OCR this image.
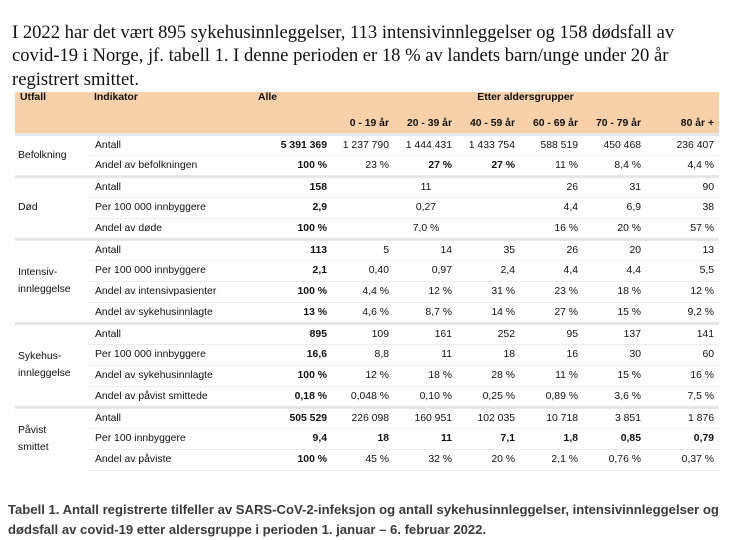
I 2022 har det vært 895 sykehusinnleggelser, 113 intensivinnleggelser og 158 dødsfall av covid-19 i Norge, jf. tabell 1. I denne perioden er 18 % av landets barn/unge under 20 år registrert smittet.

Utfall	Indikator	Alle	Etter aldersgrupper					
			0 - 19 år	20 - 39 år	40 - 59 år	60 - 69 år	70 - 79 år	80 år +
Befolkning	Antall	5 391 369	1 237 790	1 444 431	1 433 754	588 519	450 468	236 407
	Andel av befolkningen	100 %	23 %	27 %	27 %	11 %	8,4 %	4,4 %
Død	Antall	158	11			26	31	90
	Per 100 000 innbyggere	2,9	0,27			4,4	6,9	38
	Andel av døde	100 %	7,0 %			16 %	20 %	57 %
Intensiv-
innleggelse	Antall	113	5	14	35	26	20	13
	Per 100 000 innbyggere	2,1	0,40	0,97	2,4	4,4	4,4	5,5
	Andel av intensivpasienter	100 %	4,4 %	12 %	31 %	23 %	18 %	12 %
	Andel av sykehusinnlagte	13 %	4,6 %	8,7 %	14 %	27 %	15 %	9,2 %
Sykehus-
innleggelse	Antall	895	109	161	252	95	137	141
	Per 100 000 innbyggere	16,6	8,8	11	18	16	30	60
	Andel av sykehusinnlagte	100 %	12 %	18 %	28 %	11 %	15 %	16 %
	Andel av påvist smittede	0,18 %	0,048 %	0,10 %	0,25 %	0,89 %	3,6 %	7,5 %
Påvist
smittet	Antall	505 529	226 098	160 951	102 035	10 718	3 851	1 876
	Per 100 innbyggere	9,4	18	11	7,1	1,8	0,85	0,79
	Andel av påviste	100 %	45 %	32 %	20 %	2,1 %	0,76 %	0,37 %

Tabell 1. Antall registrerte tilfeller av SARS-CoV-2-infeksjon og antall sykehusinnleggelser, intensivinnleggelser og dødsfall av covid-19 etter aldersgruppe i perioden 1. januar – 6. februar 2022.
